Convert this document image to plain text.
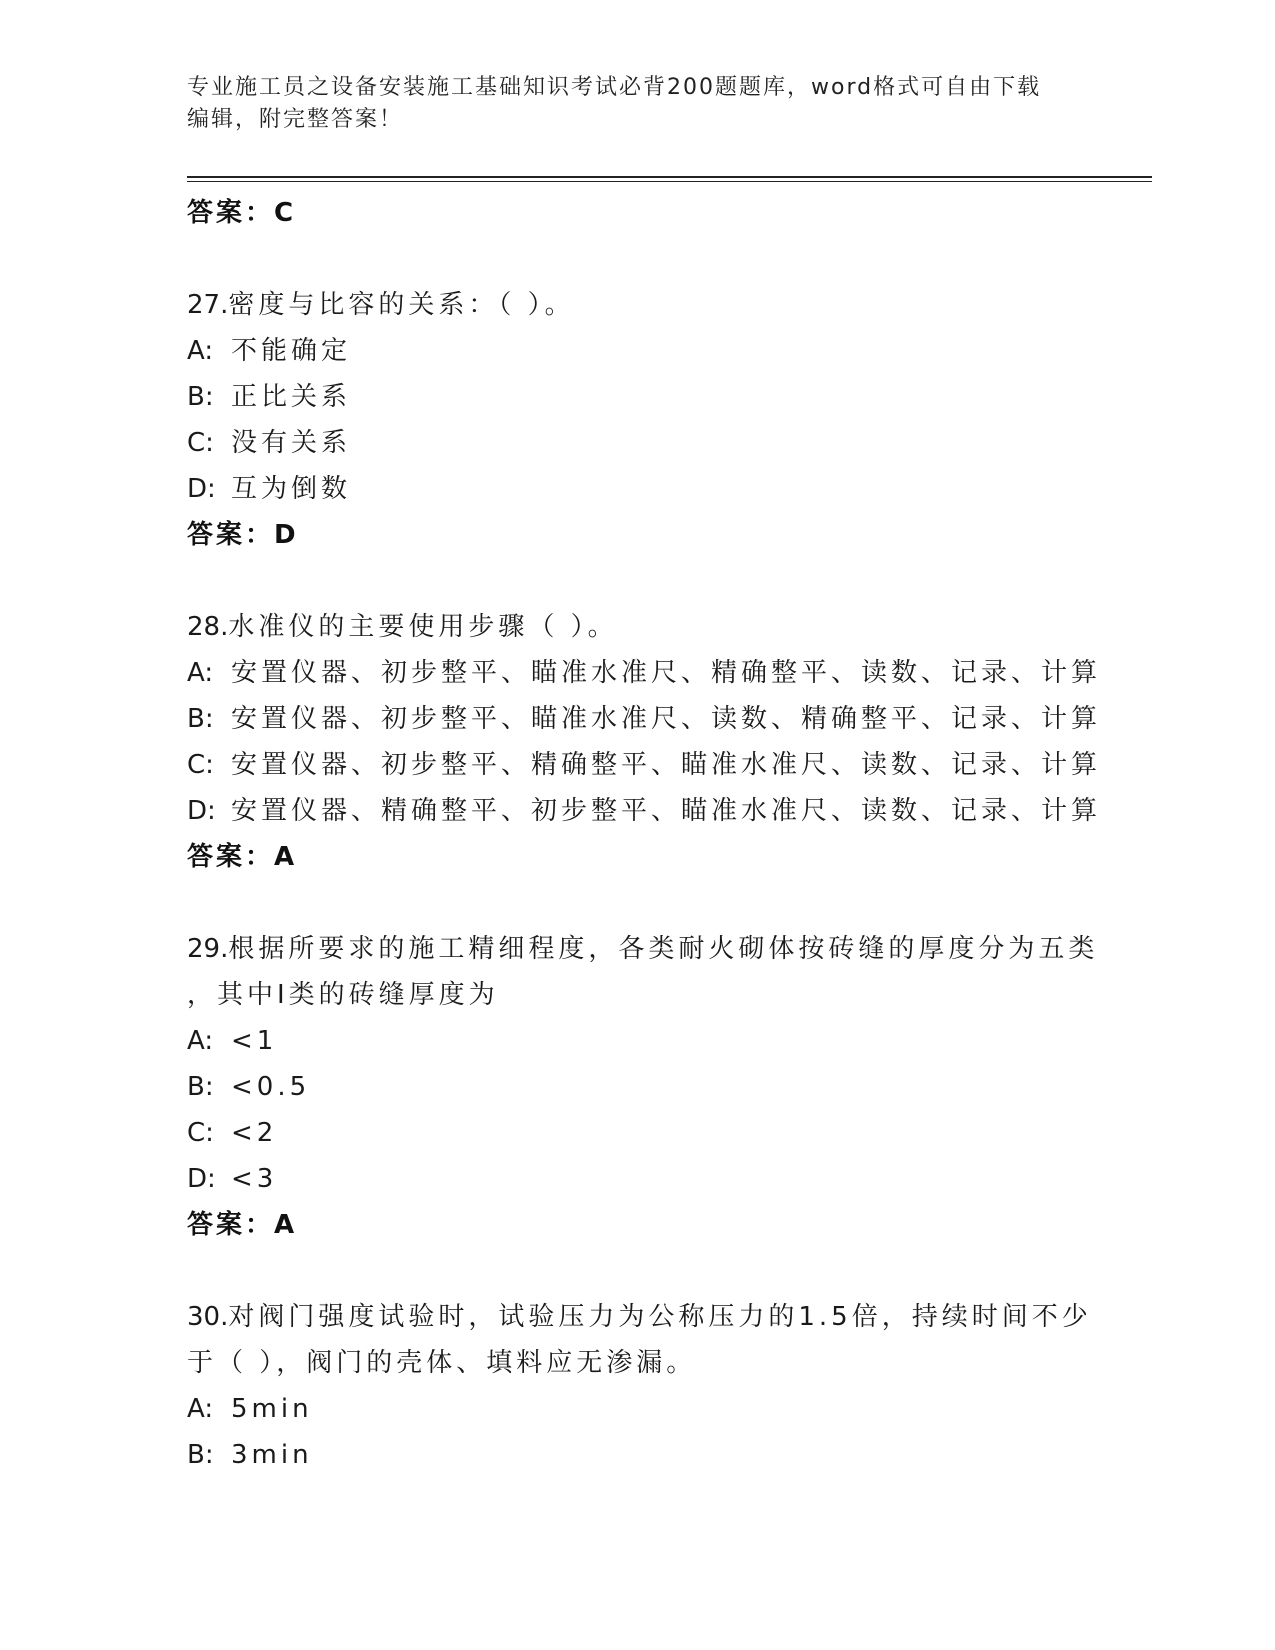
专业施工员之设备安装施工基础知识考试必背200题题库，word格式可自由下载
编辑，附完整答案！
答案：C
27.密度与比容的关系：（ ）。
A: 不能确定
B: 正比关系
C: 没有关系
D: 互为倒数
答案：D
28.水准仪的主要使用步骤（ ）。
A: 安置仪器、初步整平、瞄准水准尺、精确整平、读数、记录、计算
B: 安置仪器、初步整平、瞄准水准尺、读数、精确整平、记录、计算
C: 安置仪器、初步整平、精确整平、瞄准水准尺、读数、记录、计算
D: 安置仪器、精确整平、初步整平、瞄准水准尺、读数、记录、计算
答案：A
29.根据所要求的施工精细程度，各类耐火砌体按砖缝的厚度分为五类
，其中Ⅰ类的砖缝厚度为
A: <1
B: <0.5
C: <2
D: <3
答案：A
30.对阀门强度试验时，试验压力为公称压力的1.5倍，持续时间不少
于（ ），阀门的壳体、填料应无渗漏。
A: 5min
B: 3min
